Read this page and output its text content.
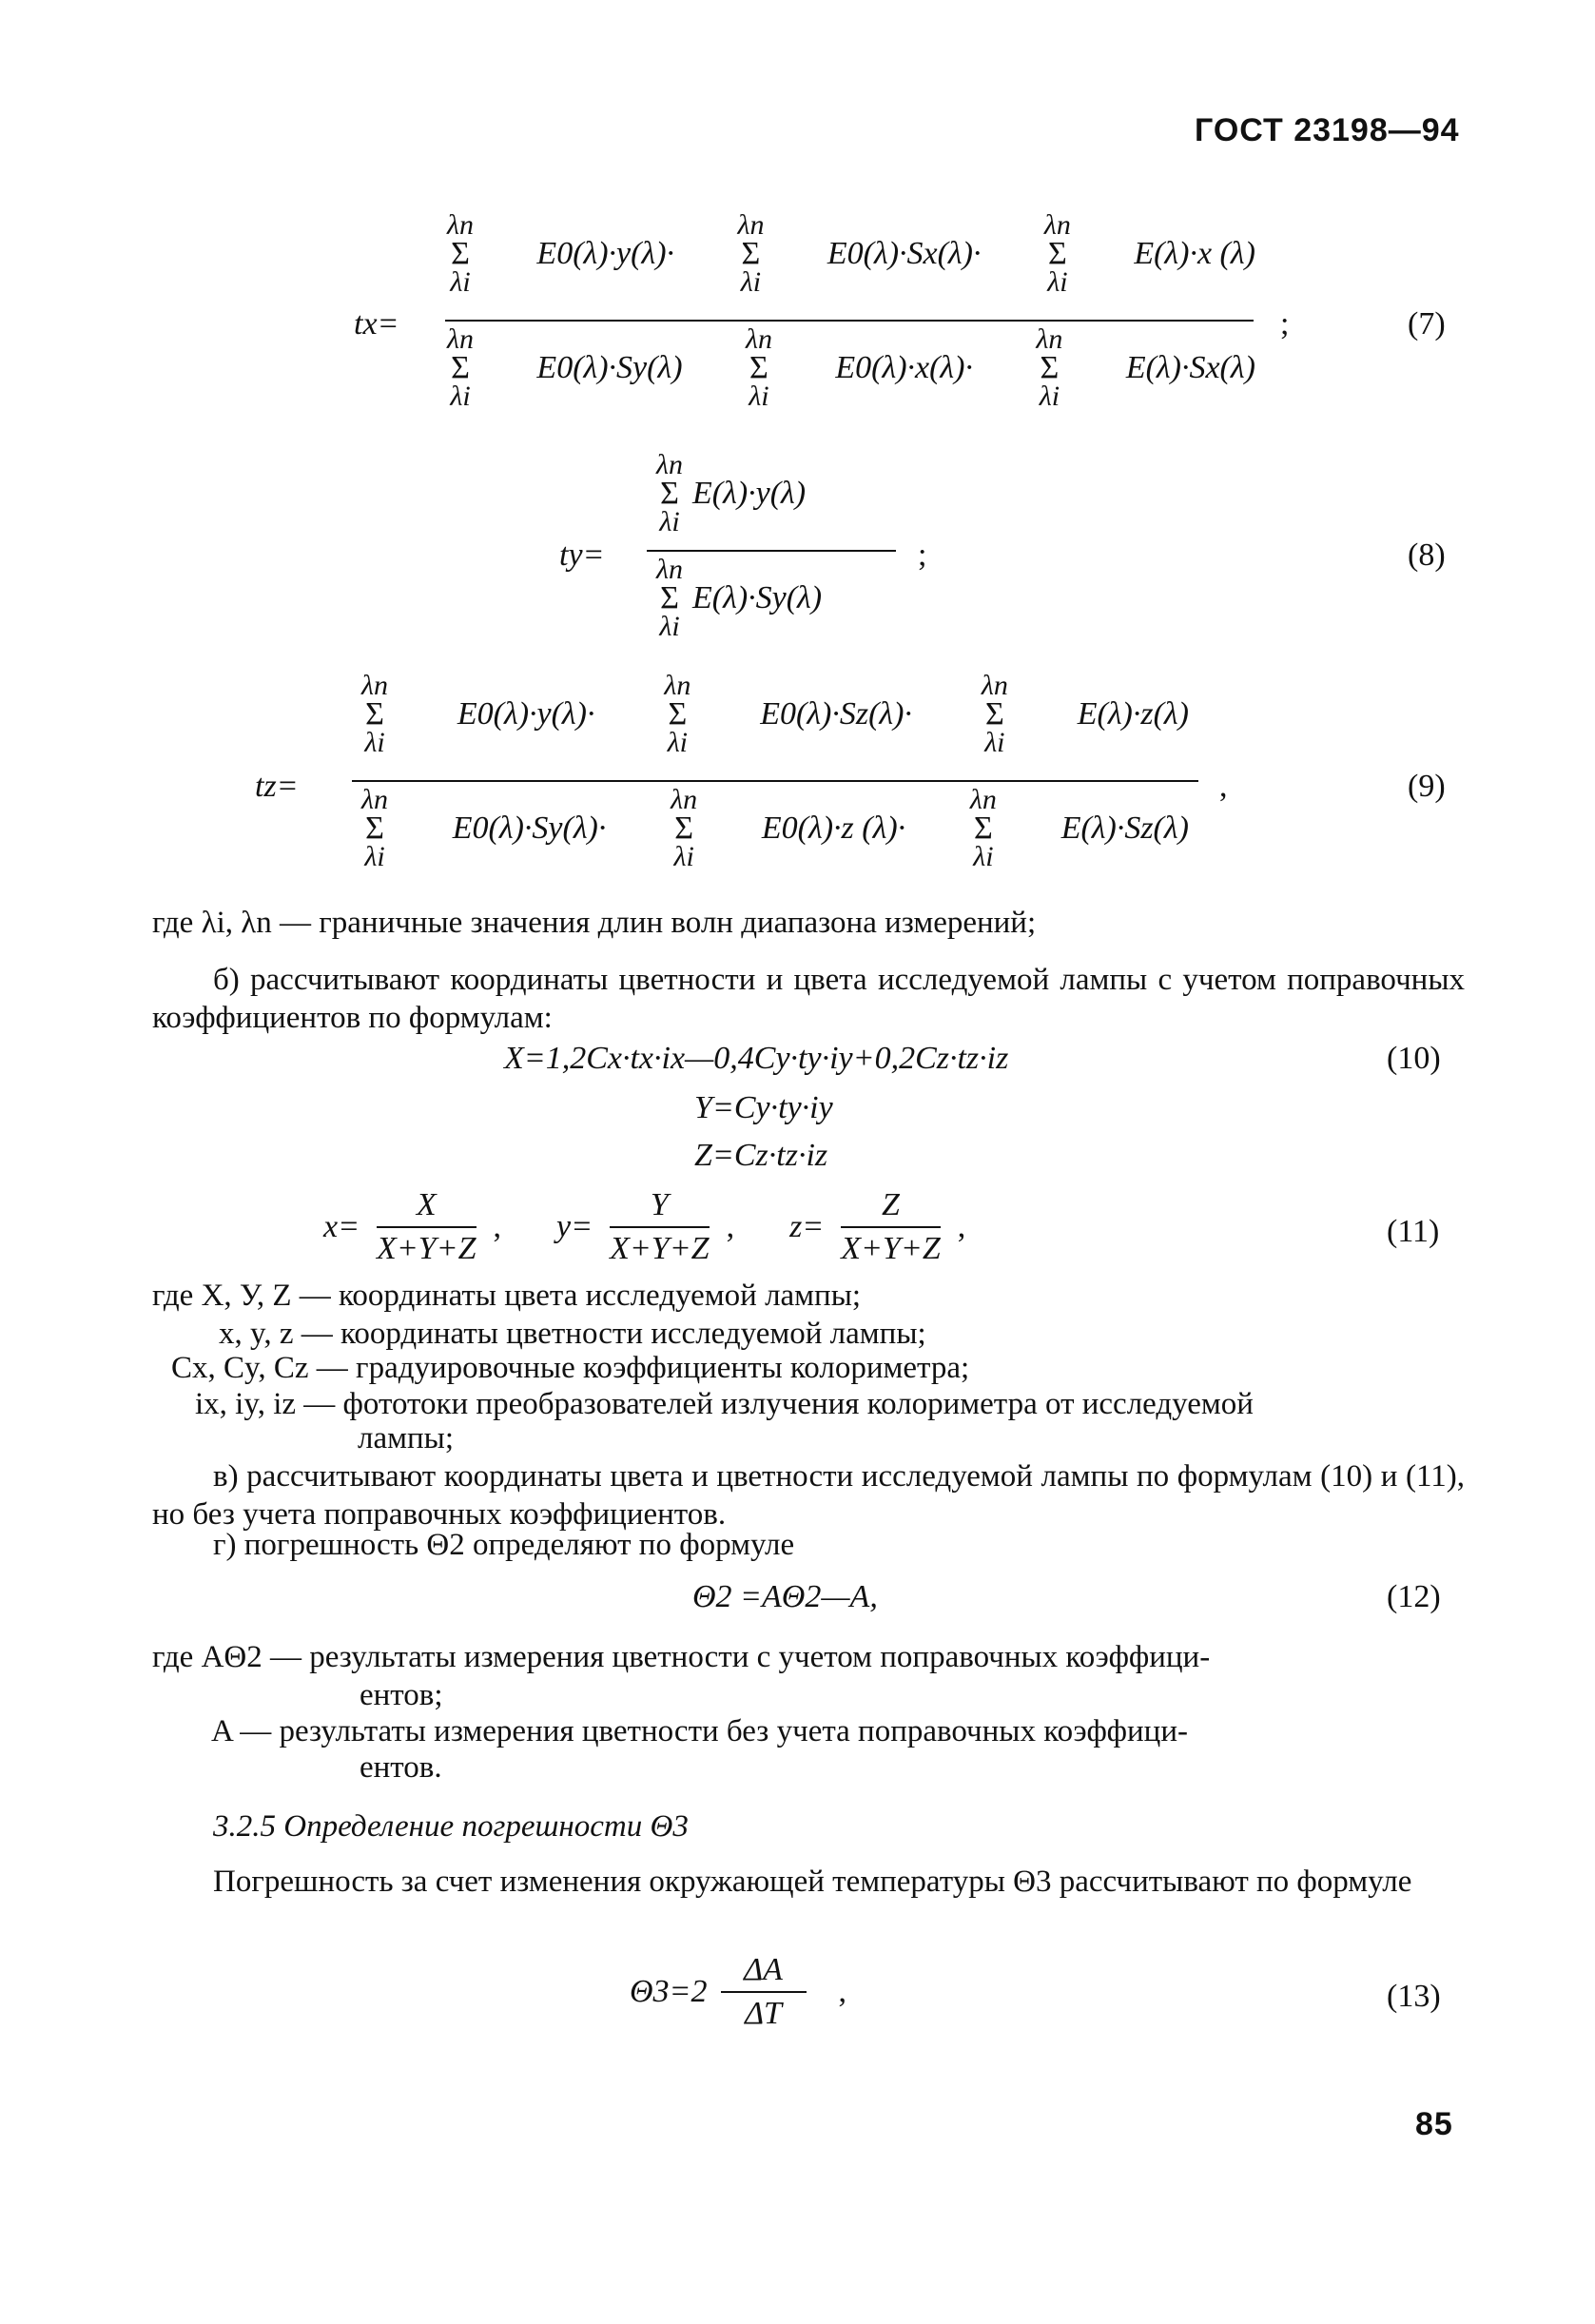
ГОСТ 23198—94
tx=
λn
Σ
λi
E0(λ)·y(λ)·
λn
Σ
λi
E0(λ)·Sx(λ)·
λn
Σ
λi
E(λ)·x (λ)
λn
Σ
λi
E0(λ)·Sy(λ)
λn
Σ
λi
E0(λ)·x(λ)·
λn
Σ
λi
E(λ)·Sx(λ)
;	(7)
ty=
λn
Σ
λi
E(λ)·y(λ)
λn
Σ
λi
E(λ)·Sy(λ)
;	(8)
tz=
λn
Σ
λi
E0(λ)·y(λ)·
λn
Σ
λi
E0(λ)·Sz(λ)·
λn
Σ
λi
E(λ)·z(λ)
λn
Σ
λi
E0(λ)·Sy(λ)·
λn
Σ
λi
E0(λ)·z (λ)·
λn
Σ
λi
E(λ)·Sz(λ)
,	(9)
где λi, λn — граничные значения длин волн диапазона измерений;
б) рассчитывают координаты цветности и цвета исследуемой лампы с учетом поправочных коэффициентов по формулам:
X=1,2Cx·tx·ix—0,4Cy·ty·iy+0,2Cz·tz·iz	(10)
Y=Cy·ty·iy
Z=Cz·tz·iz
$x= \frac{X}{X+Y+Z}$ , $y= \frac{Y}{X+Y+Z}$ , $z= \frac{Z}{X+Y+Z}$ ,	(11)
где X, У, Z — координаты цвета исследуемой лампы;
x, y, z — координаты цветности исследуемой лампы;
Cx, Cy, Cz — градуировочные коэффициенты колориметра;
ix, iy, iz — фототоки преобразователей излучения колориметра от исследуемой
лампы;
в) рассчитывают координаты цвета и цветности исследуемой лампы по формулам (10) и (11), но без учета поправочных коэффициентов.
г) погрешность Θ2 определяют по формуле
Θ2 =AΘ2—A,	(12)
где AΘ2 — результаты измерения цветности с учетом поправочных коэффици-
ентов;
A — результаты измерения цветности без учета поправочных коэффици-
ентов.
3.2.5 Определение погрешности Θ3
Погрешность за счет изменения окружающей температуры Θ3 рассчитывают по формуле
$\Theta 3=2 \frac{\Delta A}{\Delta T}$ ,	(13)
85
